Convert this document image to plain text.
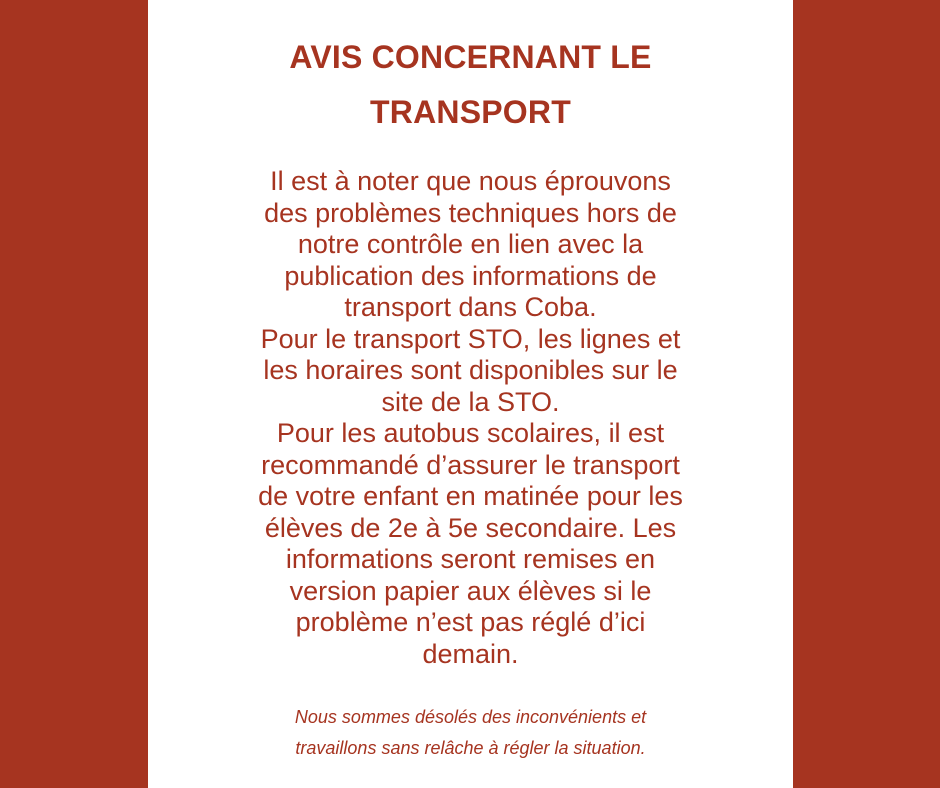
AVIS CONCERNANT LE
TRANSPORT
Il est à noter que nous éprouvons
des problèmes techniques hors de
notre contrôle en lien avec la
publication des informations de
transport dans Coba.
Pour le transport STO, les lignes et
les horaires sont disponibles sur le
site de la STO.
Pour les autobus scolaires, il est
recommandé d’assurer le transport
de votre enfant en matinée pour les
élèves de 2e à 5e secondaire. Les
informations seront remises en
version papier aux élèves si le
problème n’est pas réglé d’ici
demain.
Nous sommes désolés des inconvénients et
travaillons sans relâche à régler la situation.
